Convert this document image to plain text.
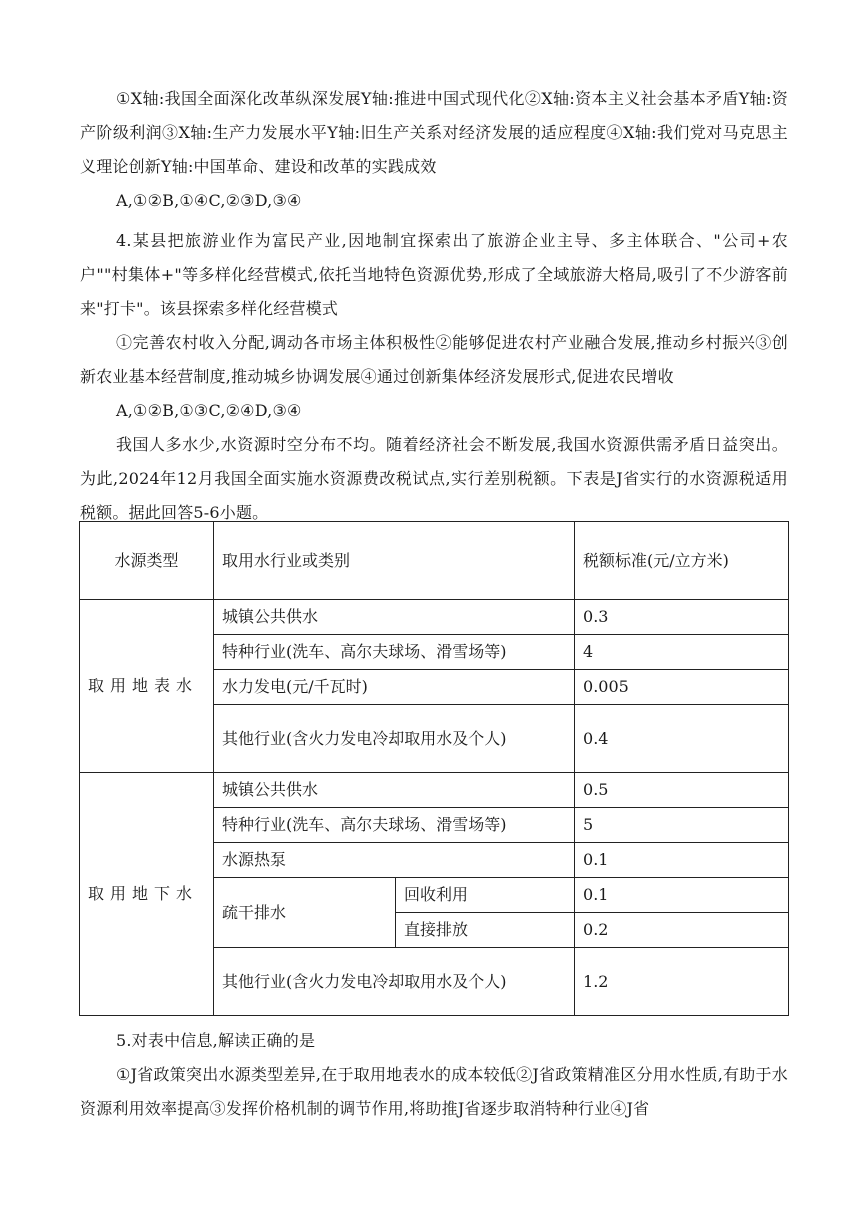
①X轴:我国全面深化改革纵深发展Y轴:推进中国式现代化②X轴:资本主义社会基本矛盾Y轴:资产阶级利润③X轴:生产力发展水平Y轴:旧生产关系对经济发展的适应程度④X轴:我们党对马克思主义理论创新Y轴:中国革命、建设和改革的实践成效

A,①②B,①④C,②③D,③④

4.某县把旅游业作为富民产业,因地制宜探索出了旅游企业主导、多主体联合、"公司+农户""村集体+"等多样化经营模式,依托当地特色资源优势,形成了全域旅游大格局,吸引了不少游客前来"打卡"。该县探索多样化经营模式

①完善农村收入分配,调动各市场主体积极性②能够促进农村产业融合发展,推动乡村振兴③创新农业基本经营制度,推动城乡协调发展④通过创新集体经济发展形式,促进农民增收

A,①②B,①③C,②④D,③④

我国人多水少,水资源时空分布不均。随着经济社会不断发展,我国水资源供需矛盾日益突出。为此,2024年12月我国全面实施水资源费改税试点,实行差别税额。下表是J省实行的水资源税适用税额。据此回答5-6小题。

水源类型	取用水行业或类别		税额标准(元/立方米)
取用地表水	城镇公共供水		0.3
	特种行业(洗车、高尔夫球场、滑雪场等)		4
	水力发电(元/千瓦时)		0.005
	其他行业(含火力发电冷却取用水及个人)		0.4
取用地下水	城镇公共供水		0.5
	特种行业(洗车、高尔夫球场、滑雪场等)		5
	水源热泵		0.1
	疏干排水	回收利用	0.1
		直接排放	0.2
	其他行业(含火力发电冷却取用水及个人)		1.2

5.对表中信息,解读正确的是

①J省政策突出水源类型差异,在于取用地表水的成本较低②J省政策精准区分用水性质,有助于水资源利用效率提高③发挥价格机制的调节作用,将助推J省逐步取消特种行业④J省
